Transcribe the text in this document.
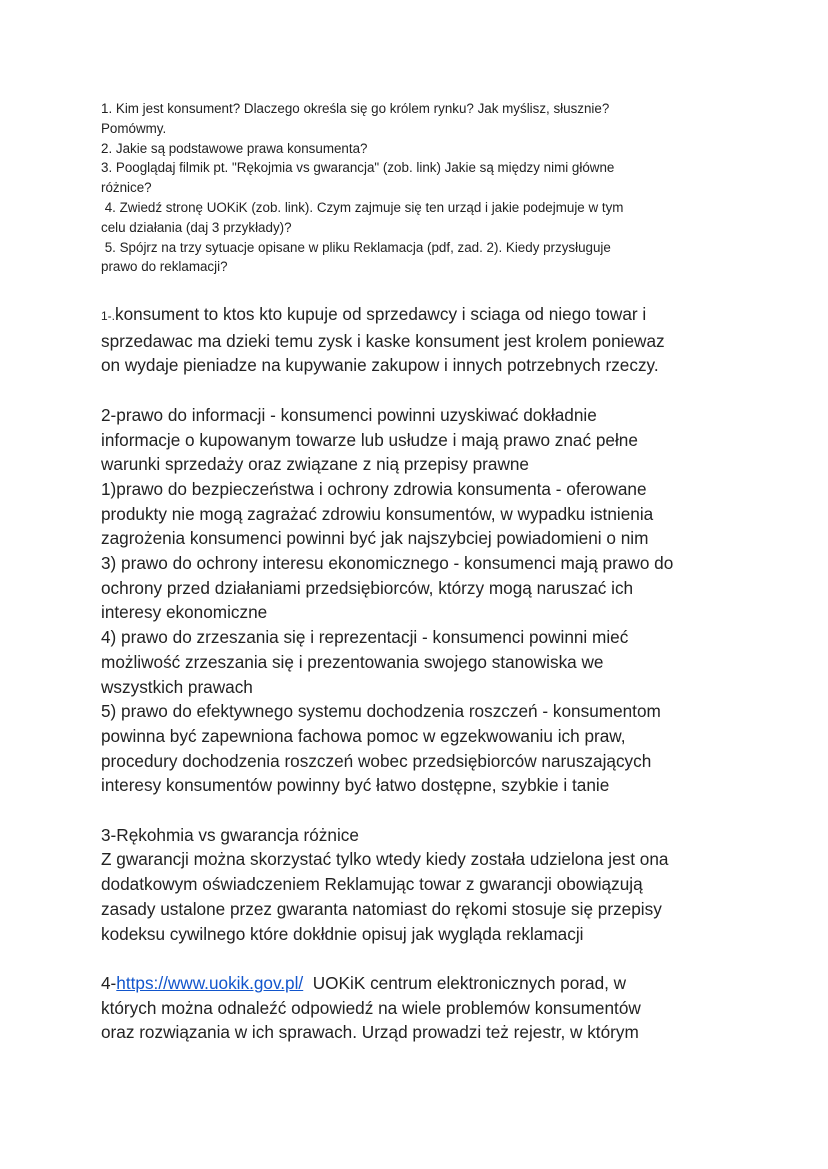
1. Kim jest konsument? Dlaczego określa się go królem rynku? Jak myślisz, słusznie?

Pomówmy.

2. Jakie są podstawowe prawa konsumenta?

3. Pooglądaj filmik pt. "Rękojmia vs gwarancja" (zob. link) Jakie są między nimi główne

różnice?

4. Zwiedź stronę UOKiK (zob. link). Czym zajmuje się ten urząd i jakie podejmuje w tym

celu działania (daj 3 przykłady)?

5. Spójrz na trzy sytuacje opisane w pliku Reklamacja (pdf, zad. 2). Kiedy przysługuje

prawo do reklamacji?

1-.konsument to ktos kto kupuje od sprzedawcy i sciaga od niego towar i

sprzedawac ma dzieki temu zysk i kaske konsument jest krolem poniewaz

on wydaje pieniadze na kupywanie zakupow i innych potrzebnych rzeczy.

2-prawo do informacji - konsumenci powinni uzyskiwać dokładnie

informacje o kupowanym towarze lub usłudze i mają prawo znać pełne

warunki sprzedaży oraz związane z nią przepisy prawne

1)prawo do bezpieczeństwa i ochrony zdrowia konsumenta - oferowane

produkty nie mogą zagrażać zdrowiu konsumentów, w wypadku istnienia

zagrożenia konsumenci powinni być jak najszybciej powiadomieni o nim

3) prawo do ochrony interesu ekonomicznego - konsumenci mają prawo do

ochrony przed działaniami przedsiębiorców, którzy mogą naruszać ich

interesy ekonomiczne

4) prawo do zrzeszania się i reprezentacji - konsumenci powinni mieć

możliwość zrzeszania się i prezentowania swojego stanowiska we

wszystkich prawach

5) prawo do efektywnego systemu dochodzenia roszczeń - konsumentom

powinna być zapewniona fachowa pomoc w egzekwowaniu ich praw,

procedury dochodzenia roszczeń wobec przedsiębiorców naruszających

interesy konsumentów powinny być łatwo dostępne, szybkie i tanie

3-Rękohmia vs gwarancja różnice

Z gwarancji można skorzystać tylko wtedy kiedy została udzielona jest ona

dodatkowym oświadczeniem Reklamując towar z gwarancji obowiązują

zasady ustalone przez gwaranta natomiast do rękomi stosuje się przepisy

kodeksu cywilnego które dokłdnie opisuj jak wygląda reklamacji

4-https://www.uokik.gov.pl/  UOKiK centrum elektronicznych porad, w

których można odnaleźć odpowiedź na wiele problemów konsumentów

oraz rozwiązania w ich sprawach. Urząd prowadzi też rejestr, w którym
